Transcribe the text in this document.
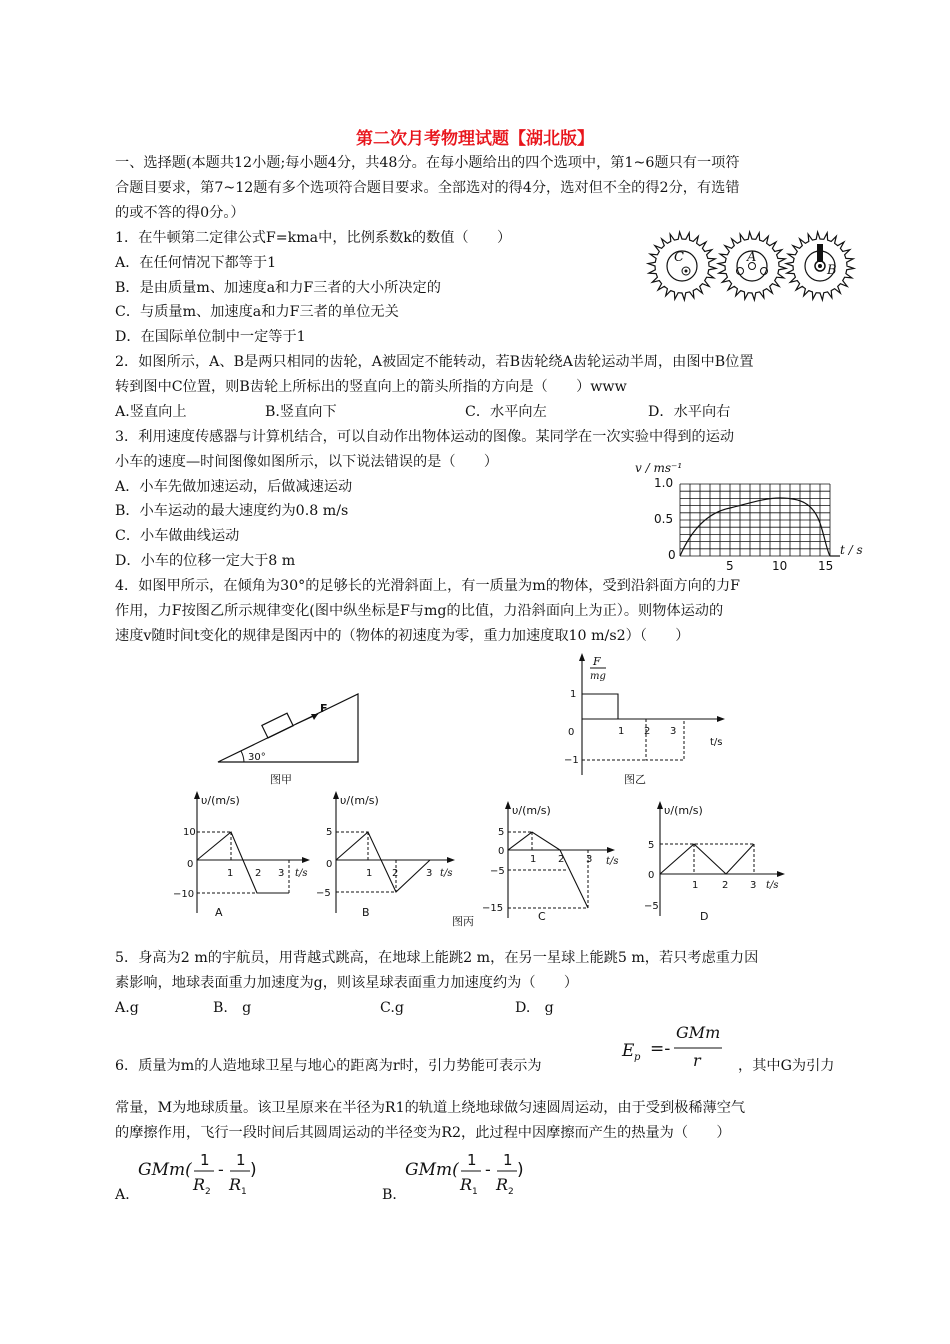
第二次月考物理试题【湖北版】
一、选择题(本题共12小题;每小题4分，共48分。在每小题给出的四个选项中，第1~6题只有一项符
合题目要求，第7~12题有多个选项符合题目要求。全部选对的得4分，选对但不全的得2分，有选错
的或不答的得0分。）
1．在牛顿第二定律公式F=kma中，比例系数k的数值（　　）
A．在任何情况下都等于1
B．是由质量m、加速度a和力F三者的大小所决定的
C．与质量m、加速度a和力F三者的单位无关
D．在国际单位制中一定等于1
C	A
B
2．如图所示，A、B是两只相同的齿轮，A被固定不能转动，若B齿轮绕A齿轮运动半周，由图中B位置
转到图中C位置，则B齿轮上所标出的竖直向上的箭头所指的方向是（　　）www
A.竖直向上	B.竖直向下	C．水平向左	D．水平向右
3．利用速度传感器与计算机结合，可以自动作出物体运动的图像。某同学在一次实验中得到的运动
小车的速度—时间图像如图所示，以下说法错误的是（　　）
A．小车先做加速运动，后做减速运动
B．小车运动的最大速度约为0.8 m/s
C．小车做曲线运动
D．小车的位移一定大于8 m
v / ms⁻¹
1.0
0.5
0
5	10	15
t / s
4．如图甲所示，在倾角为30°的足够长的光滑斜面上，有一质量为m的物体，受到沿斜面方向的力F
作用，力F按图乙所示规律变化(图中纵坐标是F与mg的比值，力沿斜面向上为正）。则物体运动的
速度v随时间t变化的规律是图丙中的（物体的初速度为零，重力加速度取10 m/s2）（　　）
F
30°
图甲
F
mg
1
0
−1
1 2 3
t/s
图乙
υ/(m/s)
10
0
−10
1 2 3 t/s
A
υ/(m/s)
5
0
−5
1 2	3 t/s
B
υ/(m/s)
5
0
−5
−15
1 2 3 t/s
C
图丙
υ/(m/s)
5
0
−5
1 2 3 t/s
D
5．身高为2 m的宇航员，用背越式跳高，在地球上能跳2 m，在另一星球上能跳5 m，若只考虑重力因
素影响，地球表面重力加速度为g，则该星球表面重力加速度约为（　　）
A.g	B.　g	C.g	D.　g
6．质量为m的人造地球卫星与地心的距离为r时，引力势能可表示为
E p =-
GMm
r	，其中G为引力
常量，M为地球质量。该卫星原来在半径为R1的轨道上绕地球做匀速圆周运动，由于受到极稀薄空气
的摩擦作用，飞行一段时间后其圆周运动的半径变为R2，此过程中因摩擦而产生的热量为（　　）
A．
GMm( 1
R 2
- 1
R 1
)
B．
GMm( 1
R 1
- 1
R 2
)
